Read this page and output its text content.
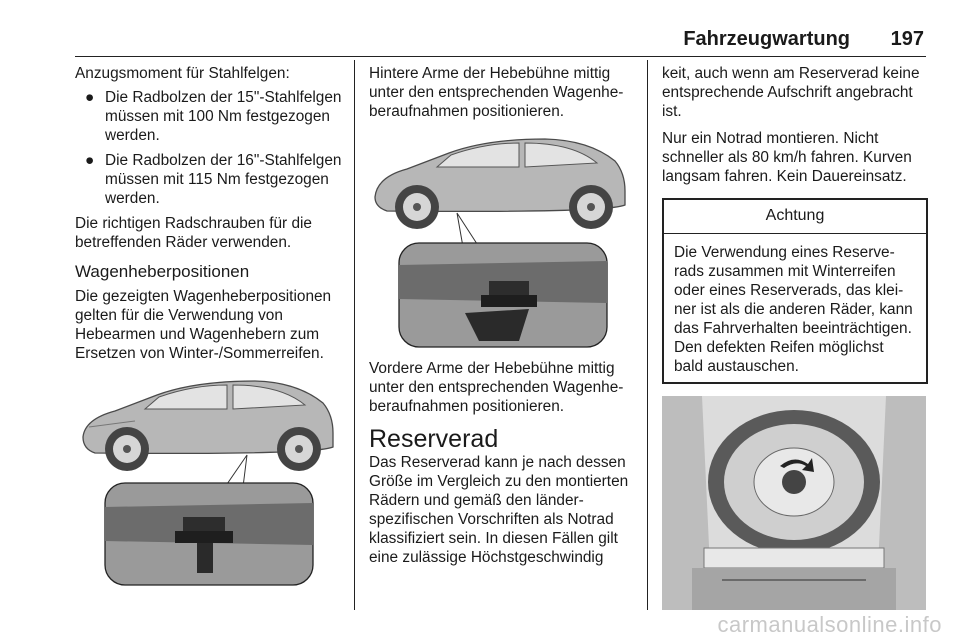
Fahrzeugwartung 197

Anzugsmoment für Stahlfelgen:

● Die Radbolzen der 15"-Stahlfelgen müssen mit 100 Nm festgezogen werden.
● Die Radbolzen der 16"-Stahlfelgen müssen mit 115 Nm festgezogen werden.

Die richtigen Radschrauben für die betreffenden Räder verwenden.

Wagenheberpositionen

Die gezeigten Wagenheberpositionen gelten für die Verwendung von Hebearmen und Wagenhebern zum Ersetzen von Winter-/Sommerreifen.

Hintere Arme der Hebebühne mittig unter den entsprechenden Wagenheberaufnahmen positionieren.

Vordere Arme der Hebebühne mittig unter den entsprechenden Wagenheberaufnahmen positionieren.

Reserverad

Das Reserverad kann je nach dessen Größe im Vergleich zu den montierten Rädern und gemäß den länderspezifischen Vorschriften als Notrad klassifiziert sein. In diesen Fällen gilt eine zulässige Höchstgeschwindig

keit, auch wenn am Reserverad keine entsprechende Aufschrift angebracht ist.

Nur ein Notrad montieren. Nicht schneller als 80 km/h fahren. Kurven langsam fahren. Kein Dauereinsatz.

Achtung
Die Verwendung eines Reserverads zusammen mit Winterreifen oder eines Reserverads, das kleiner ist als die anderen Räder, kann das Fahrverhalten beeinträchtigen. Den defekten Reifen möglichst bald austauschen.
carmanualsonline.info
